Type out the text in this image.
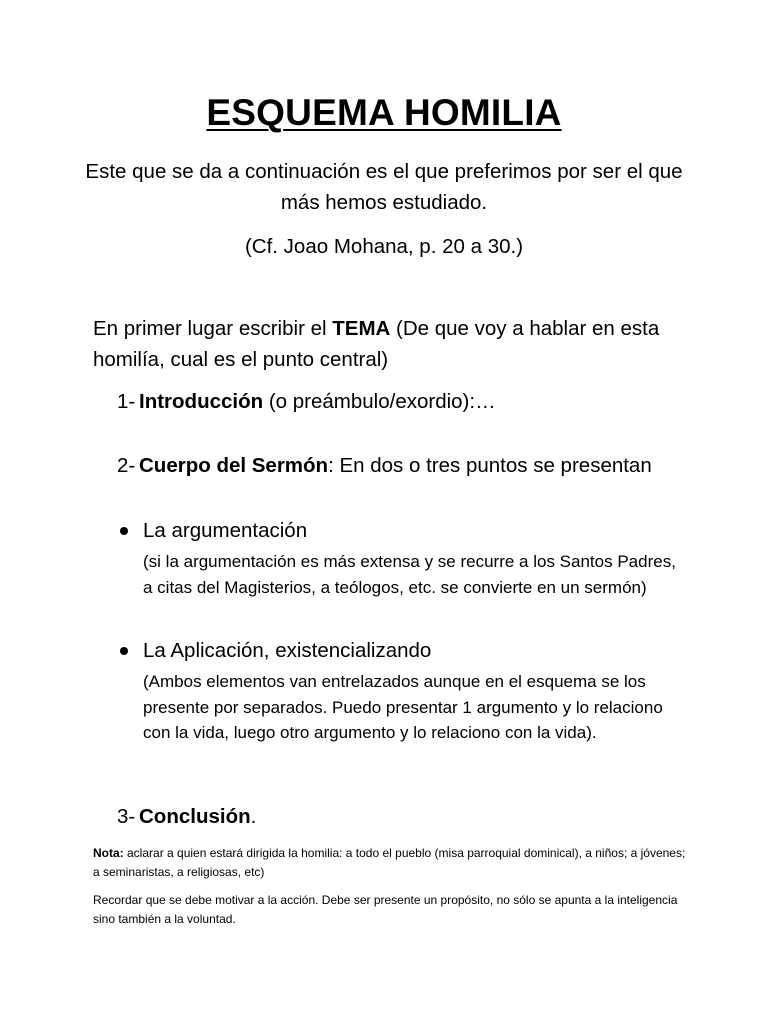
ESQUEMA HOMILIA
Este que se da a continuación es el que preferimos por ser el que más hemos estudiado.
(Cf. Joao Mohana, p. 20 a 30.)
En primer lugar escribir el TEMA (De que voy a hablar en esta homilía, cual es el punto central)
1- Introducción (o preámbulo/exordio):…
2- Cuerpo del Sermón: En dos o tres puntos se presentan
La argumentación
(si la argumentación es más extensa y se recurre a los Santos Padres, a citas del Magisterios, a teólogos, etc. se convierte en un sermón)
La Aplicación, existencializando
(Ambos elementos van entrelazados aunque en el esquema se los presente por separados. Puedo presentar 1 argumento y lo relaciono con la vida, luego otro argumento y lo relaciono con la vida).
3- Conclusión.
Nota: aclarar a quien estará dirigida la homilia: a todo el pueblo (misa parroquial dominical), a niños; a jóvenes; a seminaristas, a religiosas, etc)
Recordar que se debe motivar a la acción. Debe ser presente un propósito, no sólo se apunta a la inteligencia sino también a la voluntad.
